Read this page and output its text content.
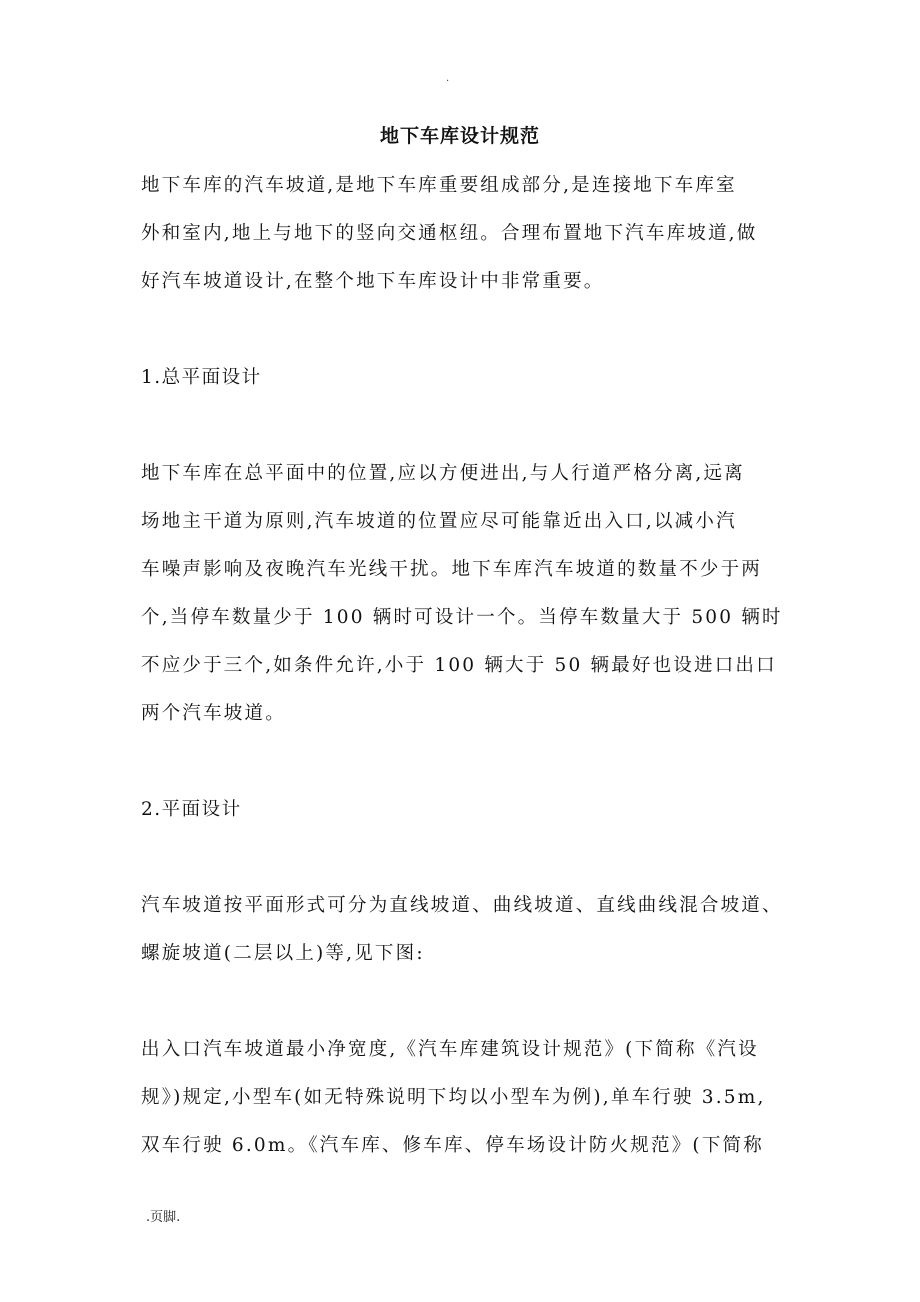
.
地下车库设计规范
地下车库的汽车坡道,是地下车库重要组成部分,是连接地下车库室
外和室内,地上与地下的竖向交通枢纽。合理布置地下汽车库坡道,做
好汽车坡道设计,在整个地下车库设计中非常重要。
1.总平面设计
地下车库在总平面中的位置,应以方便进出,与人行道严格分离,远离
场地主干道为原则,汽车坡道的位置应尽可能靠近出入口,以减小汽
车噪声影响及夜晚汽车光线干扰。地下车库汽车坡道的数量不少于两
个,当停车数量少于 100 辆时可设计一个。当停车数量大于 500 辆时
不应少于三个,如条件允许,小于 100 辆大于 50 辆最好也设进口出口
两个汽车坡道。
2.平面设计
汽车坡道按平面形式可分为直线坡道、曲线坡道、直线曲线混合坡道、
螺旋坡道(二层以上)等,见下图:
出入口汽车坡道最小净宽度,《汽车库建筑设计规范》(下简称《汽设
规》)规定,小型车(如无特殊说明下均以小型车为例),单车行驶 3.5m,
双车行驶 6.0m。《汽车库、修车库、停车场设计防火规范》(下简称
.页脚.
